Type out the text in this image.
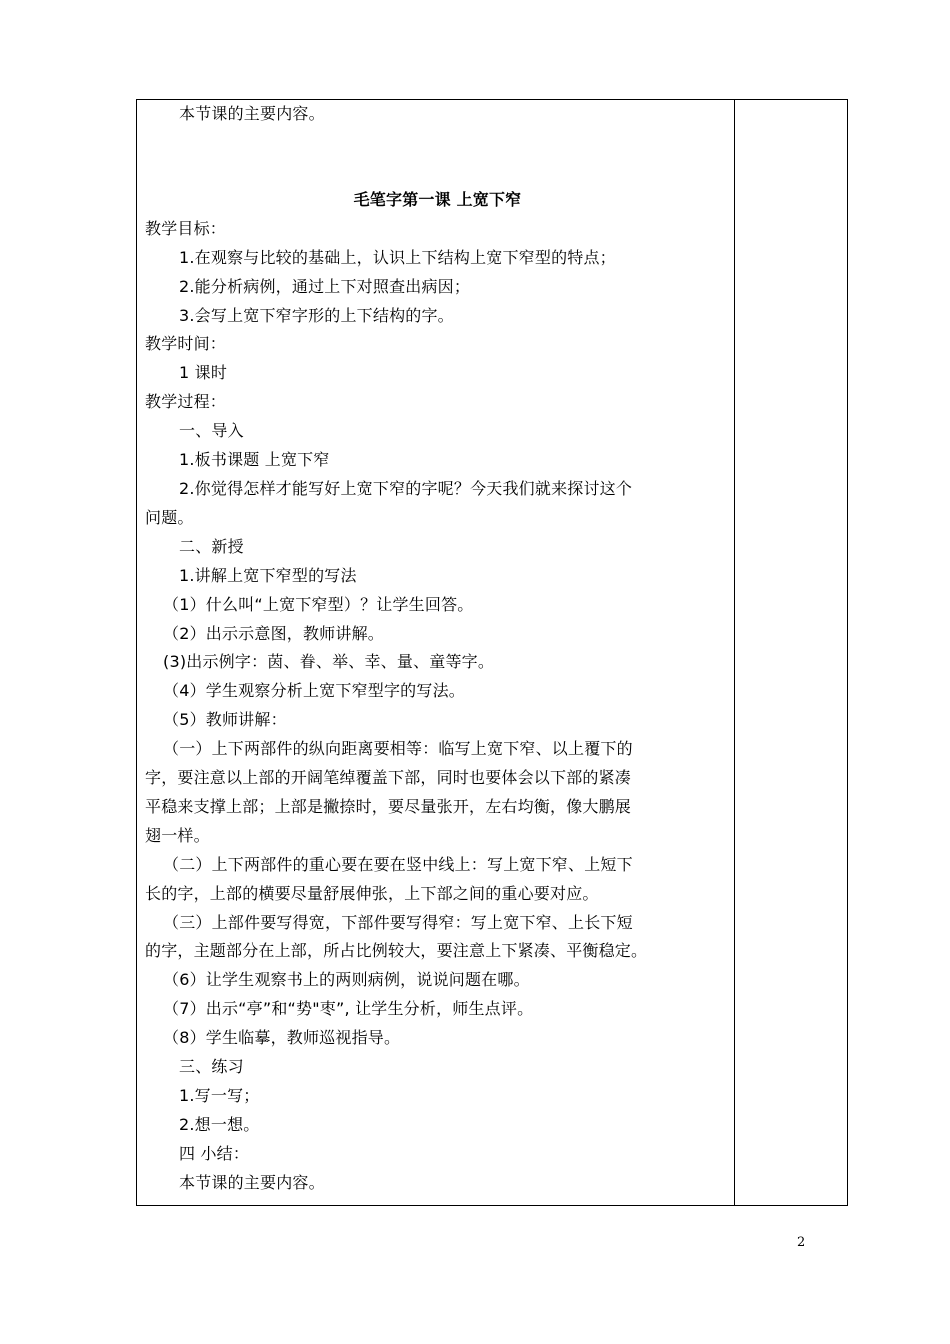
本节课的主要内容。

毛笔字第一课 上宽下窄

教学目标：

1.在观察与比较的基础上，认识上下结构上宽下窄型的特点；

2.能分析病例，通过上下对照查出病因；

3.会写上宽下窄字形的上下结构的字。

教学时间：

1 课时

教学过程：

一、导入

1.板书课题 上宽下窄

2.你觉得怎样才能写好上宽下窄的字呢？今天我们就来探讨这个

问题。

二、新授

1.讲解上宽下窄型的写法

（1）什么叫“上宽下窄型）？让学生回答。

（2）出示示意图，教师讲解。

(3)出示例字：茵、眷、举、幸、量、童等字。

（4）学生观察分析上宽下窄型字的写法。

（5）教师讲解：

（一）上下两部件的纵向距离要相等：临写上宽下窄、以上覆下的

字，要注意以上部的开阔笔绰覆盖下部，同时也要体会以下部的紧凑

平稳来支撑上部；上部是撇捺时，要尽量张开，左右均衡，像大鹏展

翅一样。

（二）上下两部件的重心要在要在竖中线上：写上宽下窄、上短下

长的字，上部的横要尽量舒展伸张，上下部之间的重心要对应。

（三）上部件要写得宽，下部件要写得窄：写上宽下窄、上长下短

的字，主题部分在上部，所占比例较大，要注意上下紧凑、平衡稳定。

（6）让学生观察书上的两则病例，说说问题在哪。

（7）出示“亭”和“势"枣”, 让学生分析，师生点评。

（8）学生临摹，教师巡视指导。

三、练习

1.写一写；

2.想一想。

四 小结：

本节课的主要内容。

2
